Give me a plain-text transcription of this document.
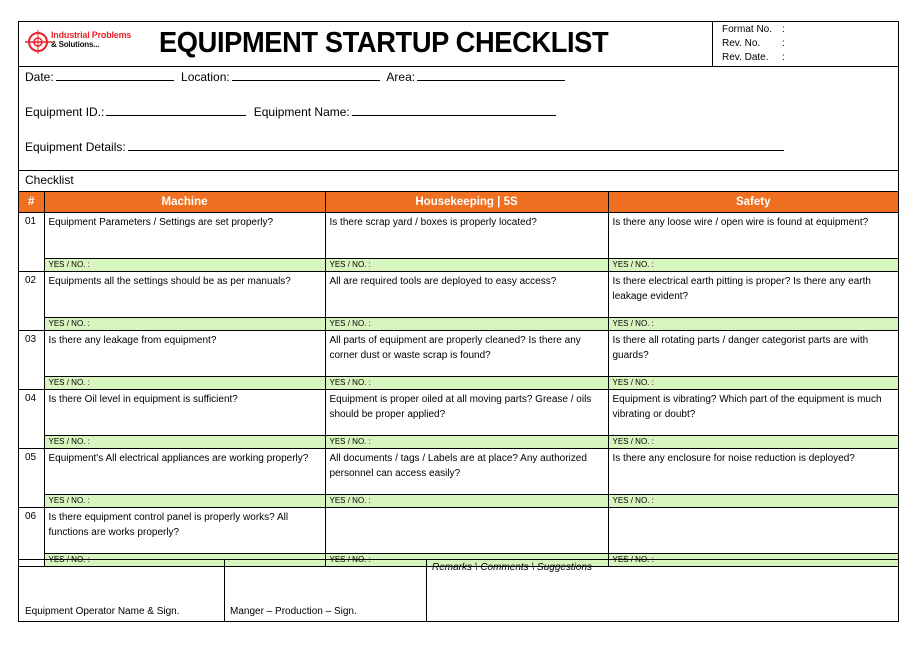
Industrial Problems
& Solutions... EQUIPMENT STARTUP CHECKLIST	Format No. :
Rev. No. :
Rev. Date. :
Date:	Location:	Area:
Equipment ID.:	Equipment Name:
Equipment Details:
Checklist
#	Machine	Housekeeping | 5S	Safety
01	Equipment Parameters / Settings are set properly?	Is there scrap yard / boxes is properly located?	Is there any loose wire / open wire is found at equipment?
	YES / NO. :	YES / NO. :	YES / NO. :
02	Equipments all the settings should be as per manuals?	All are required tools are deployed to easy access?	Is there electrical earth pitting is proper? Is there any earth leakage evident?
	YES / NO. :	YES / NO. :	YES / NO. :
03	Is there any leakage from equipment?	All parts of equipment are properly cleaned? Is there any corner dust or waste scrap is found?	Is there all rotating parts / danger categorist parts are with guards?
	YES / NO. :	YES / NO. :	YES / NO. :
04	Is there Oil level in equipment is sufficient?	Equipment is proper oiled at all moving parts? Grease / oils should be proper applied?	Equipment is vibrating? Which part of the equipment is much vibrating or doubt?
	YES / NO. :	YES / NO. :	YES / NO. :
05	Equipment's All electrical appliances are working properly?	All documents / tags / Labels are at place? Any authorized personnel can access easily?	Is there any enclosure for noise reduction is deployed?
	YES / NO. :	YES / NO. :	YES / NO. :
06	Is there equipment control panel is properly works? All functions are works properly?		
	YES / NO. :	YES / NO. :	YES / NO. :
Equipment Operator Name & Sign.	Manger – Production – Sign.
Remarks \ Comments \ Suggestions
